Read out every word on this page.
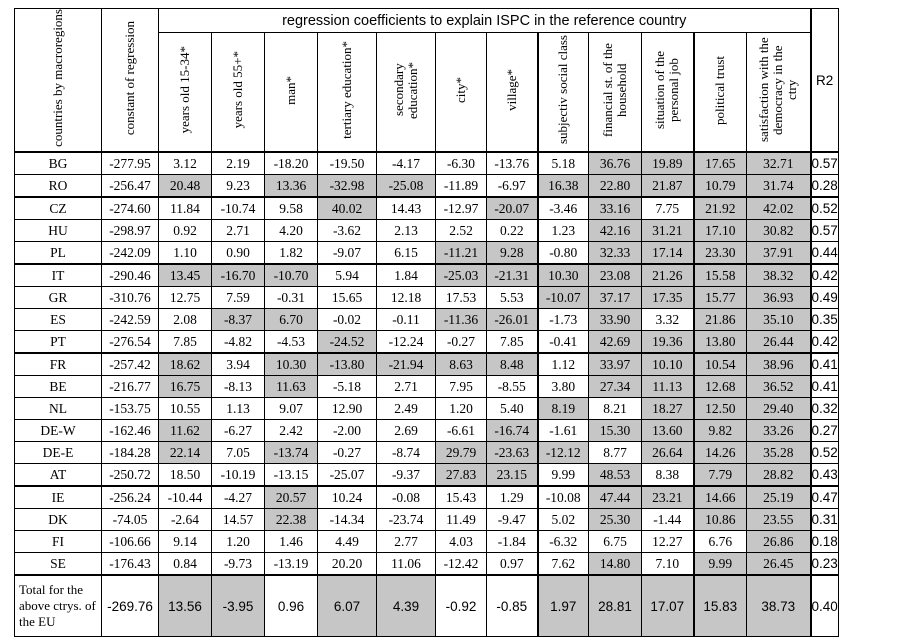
countries by macroregions	constant of regression	regression coefficients to explain ISPC in the reference country												R2
		years old 15-34*	years old 55+*	man*	tertiary education*	secondary education*	city*	village*	subjectiv social class	financial st. of the household	situation of the personal job	political trust	satisfaction with the democracy in the ctry	
BG	-277.95	3.12	2.19	-18.20	-19.50	-4.17	-6.30	-13.76	5.18	36.76	19.89	17.65	32.71	0.57
RO	-256.47	20.48	9.23	13.36	-32.98	-25.08	-11.89	-6.97	16.38	22.80	21.87	10.79	31.74	0.28
CZ	-274.60	11.84	-10.74	9.58	40.02	14.43	-12.97	-20.07	-3.46	33.16	7.75	21.92	42.02	0.52
HU	-298.97	0.92	2.71	4.20	-3.62	2.13	2.52	0.22	1.23	42.16	31.21	17.10	30.82	0.57
PL	-242.09	1.10	0.90	1.82	-9.07	6.15	-11.21	9.28	-0.80	32.33	17.14	23.30	37.91	0.44
IT	-290.46	13.45	-16.70	-10.70	5.94	1.84	-25.03	-21.31	10.30	23.08	21.26	15.58	38.32	0.42
GR	-310.76	12.75	7.59	-0.31	15.65	12.18	17.53	5.53	-10.07	37.17	17.35	15.77	36.93	0.49
ES	-242.59	2.08	-8.37	6.70	-0.02	-0.11	-11.36	-26.01	-1.73	33.90	3.32	21.86	35.10	0.35
PT	-276.54	7.85	-4.82	-4.53	-24.52	-12.24	-0.27	7.85	-0.41	42.69	19.36	13.80	26.44	0.42
FR	-257.42	18.62	3.94	10.30	-13.80	-21.94	8.63	8.48	1.12	33.97	10.10	10.54	38.96	0.41
BE	-216.77	16.75	-8.13	11.63	-5.18	2.71	7.95	-8.55	3.80	27.34	11.13	12.68	36.52	0.41
NL	-153.75	10.55	1.13	9.07	12.90	2.49	1.20	5.40	8.19	8.21	18.27	12.50	29.40	0.32
DE-W	-162.46	11.62	-6.27	2.42	-2.00	2.69	-6.61	-16.74	-1.61	15.30	13.60	9.82	33.26	0.27
DE-E	-184.28	22.14	7.05	-13.74	-0.27	-8.74	29.79	-23.63	-12.12	8.77	26.64	14.26	35.28	0.52
AT	-250.72	18.50	-10.19	-13.15	-25.07	-9.37	27.83	23.15	9.99	48.53	8.38	7.79	28.82	0.43
IE	-256.24	-10.44	-4.27	20.57	10.24	-0.08	15.43	1.29	-10.08	47.44	23.21	14.66	25.19	0.47
DK	-74.05	-2.64	14.57	22.38	-14.34	-23.74	11.49	-9.47	5.02	25.30	-1.44	10.86	23.55	0.31
FI	-106.66	9.14	1.20	1.46	4.49	2.77	4.03	-1.84	-6.32	6.75	12.27	6.76	26.86	0.18
SE	-176.43	0.84	-9.73	-13.19	20.20	11.06	-12.42	0.97	7.62	14.80	7.10	9.99	26.45	0.23
Total for the above ctrys. of the EU	-269.76	13.56	-3.95	0.96	6.07	4.39	-0.92	-0.85	1.97	28.81	17.07	15.83	38.73	0.40
